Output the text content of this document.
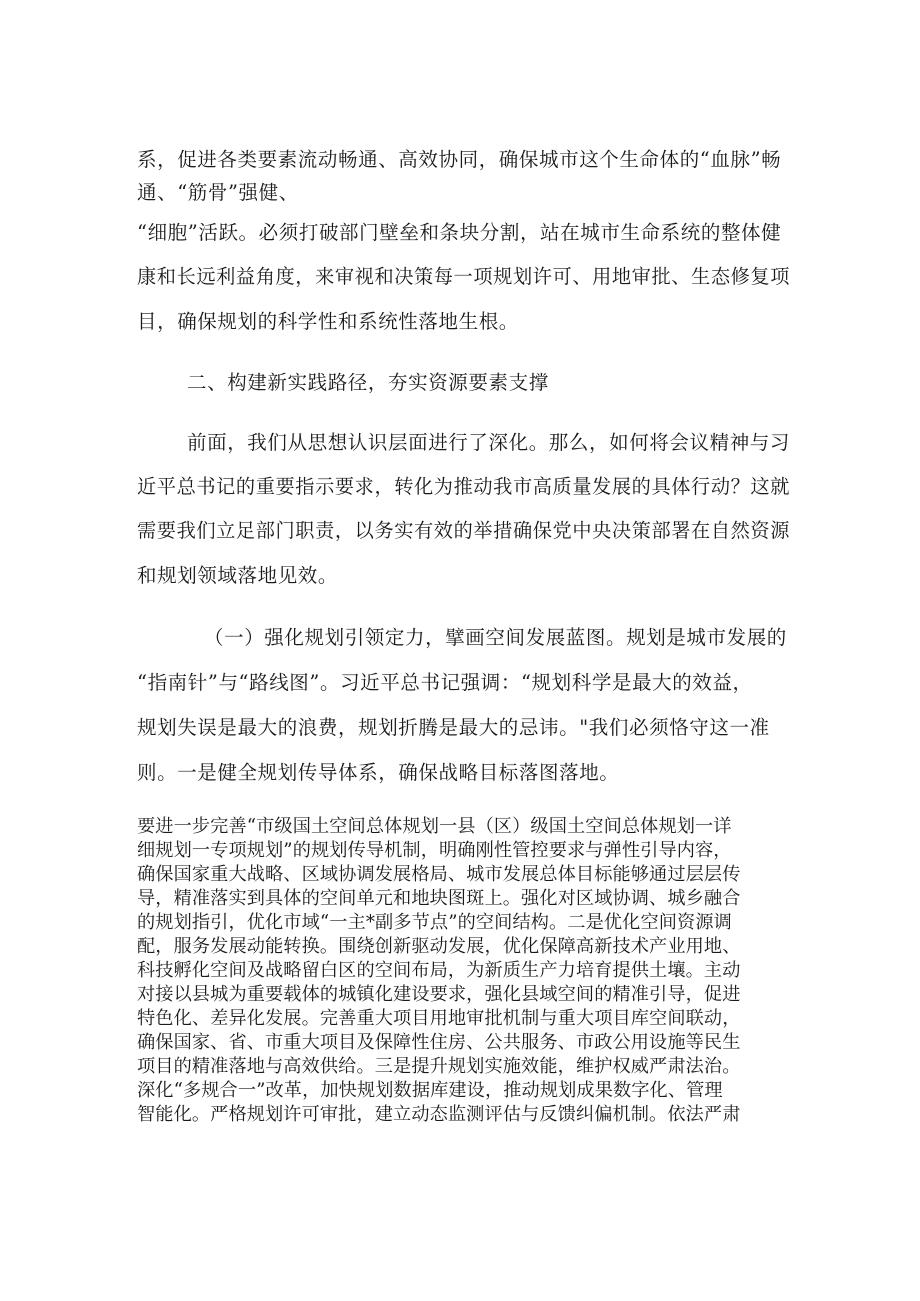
系，促进各类要素流动畅通、高效协同，确保城市这个生命体的“血脉”畅
通、“筋骨”强健、
“细胞”活跃。必须打破部门壁垒和条块分割，站在城市生命系统的整体健
康和长远利益角度，来审视和决策每一项规划许可、用地审批、生态修复项
目，确保规划的科学性和系统性落地生根。
二、构建新实践路径，夯实资源要素支撑
前面，我们从思想认识层面进行了深化。那么，如何将会议精神与习
近平总书记的重要指示要求，转化为推动我市高质量发展的具体行动？这就
需要我们立足部门职责，以务实有效的举措确保党中央决策部署在自然资源
和规划领域落地见效。
（一）强化规划引领定力，擘画空间发展蓝图。规划是城市发展的
“指南针”与“路线图”。习近平总书记强调：“规划科学是最大的效益，
规划失误是最大的浪费，规划折腾是最大的忌讳。"我们必须恪守这一准
则。一是健全规划传导体系，确保战略目标落图落地。
要进一步完善“市级国土空间总体规划一县（区）级国土空间总体规划一详
细规划一专项规划”的规划传导机制，明确刚性管控要求与弹性引导内容，
确保国家重大战略、区域协调发展格局、城市发展总体目标能够通过层层传
导，精准落实到具体的空间单元和地块图斑上。强化对区域协调、城乡融合
的规划指引，优化市域“一主*副多节点”的空间结构。二是优化空间资源调
配，服务发展动能转换。围绕创新驱动发展，优化保障高新技术产业用地、
科技孵化空间及战略留白区的空间布局，为新质生产力培育提供土壤。主动
对接以县城为重要载体的城镇化建设要求，强化县域空间的精准引导，促进
特色化、差异化发展。完善重大项目用地审批机制与重大项目库空间联动，
确保国家、省、市重大项目及保障性住房、公共服务、市政公用设施等民生
项目的精准落地与高效供给。三是提升规划实施效能，维护权威严肃法治。
深化“多规合一”改革，加快规划数据库建设，推动规划成果数字化、管理
智能化。严格规划许可审批，建立动态监测评估与反馈纠偏机制。依法严肃
